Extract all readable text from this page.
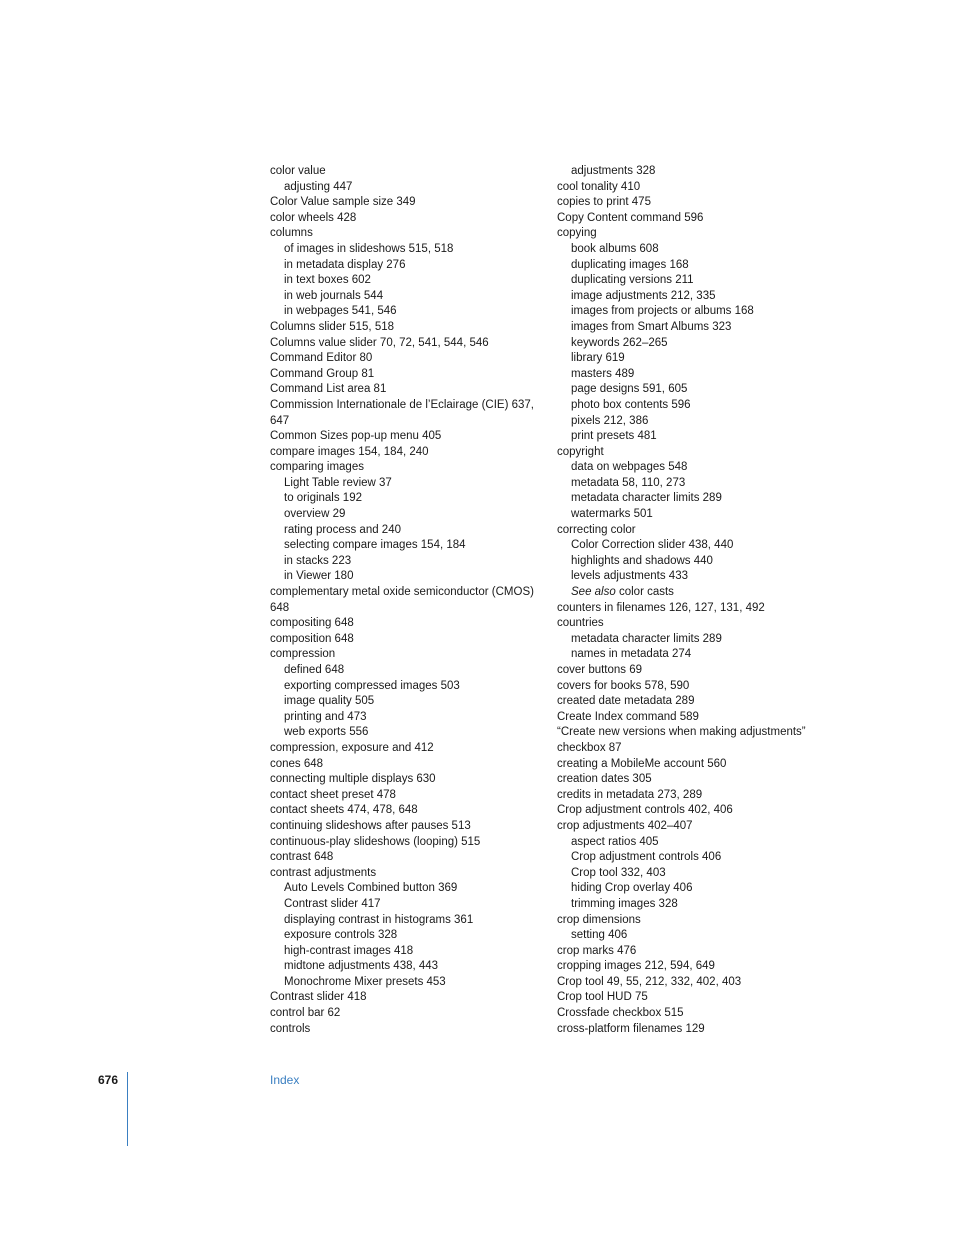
color value
adjusting 447
Color Value sample size 349
color wheels 428
columns
of images in slideshows 515, 518
in metadata display 276
in text boxes 602
in web journals 544
in webpages 541, 546
Columns slider 515, 518
Columns value slider 70, 72, 541, 544, 546
Command Editor 80
Command Group 81
Command List area 81
Commission Internationale de l’Eclairage (CIE) 637, 647
Common Sizes pop-up menu 405
compare images 154, 184, 240
comparing images
Light Table review 37
to originals 192
overview 29
rating process and 240
selecting compare images 154, 184
in stacks 223
in Viewer 180
complementary metal oxide semiconductor (CMOS) 648
compositing 648
composition 648
compression
defined 648
exporting compressed images 503
image quality 505
printing and 473
web exports 556
compression, exposure and 412
cones 648
connecting multiple displays 630
contact sheet preset 478
contact sheets 474, 478, 648
continuing slideshows after pauses 513
continuous-play slideshows (looping) 515
contrast 648
contrast adjustments
Auto Levels Combined button 369
Contrast slider 417
displaying contrast in histograms 361
exposure controls 328
high-contrast images 418
midtone adjustments 438, 443
Monochrome Mixer presets 453
Contrast slider 418
control bar 62
controls
adjustments 328
cool tonality 410
copies to print 475
Copy Content command 596
copying
book albums 608
duplicating images 168
duplicating versions 211
image adjustments 212, 335
images from projects or albums 168
images from Smart Albums 323
keywords 262–265
library 619
masters 489
page designs 591, 605
photo box contents 596
pixels 212, 386
print presets 481
copyright
data on webpages 548
metadata 58, 110, 273
metadata character limits 289
watermarks 501
correcting color
Color Correction slider 438, 440
highlights and shadows 440
levels adjustments 433
See also color casts
counters in filenames 126, 127, 131, 492
countries
metadata character limits 289
names in metadata 274
cover buttons 69
covers for books 578, 590
created date metadata 289
Create Index command 589
“Create new versions when making adjustments” checkbox 87
creating a MobileMe account 560
creation dates 305
credits in metadata 273, 289
Crop adjustment controls 402, 406
crop adjustments 402–407
aspect ratios 405
Crop adjustment controls 406
Crop tool 332, 403
hiding Crop overlay 406
trimming images 328
crop dimensions
setting 406
crop marks 476
cropping images 212, 594, 649
Crop tool 49, 55, 212, 332, 402, 403
Crop tool HUD 75
Crossfade checkbox 515
cross-platform filenames 129
676	Index
